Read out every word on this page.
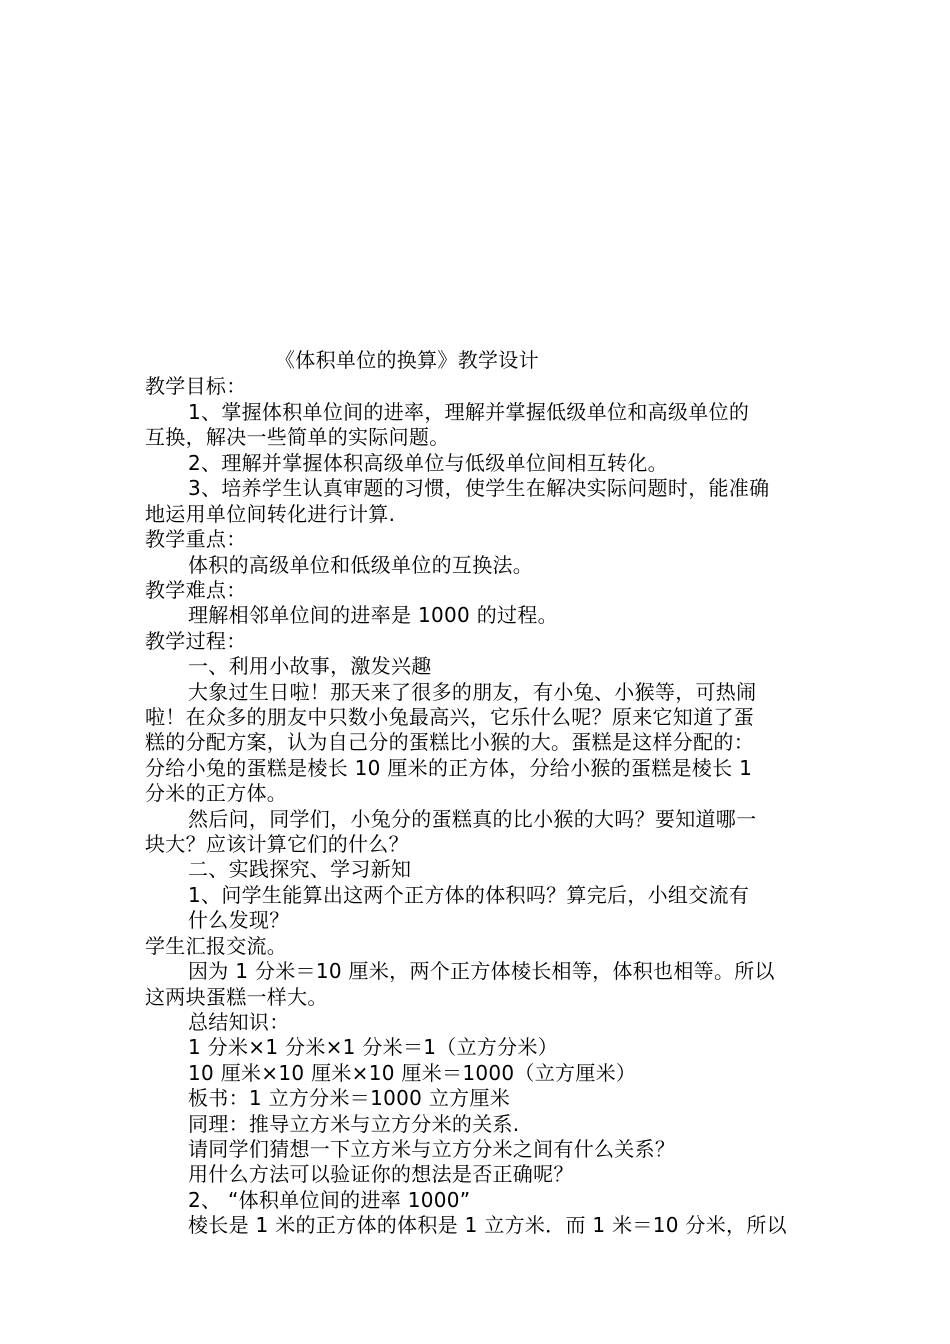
《体积单位的换算》教学设计
教学目标：
1、掌握体积单位间的进率，理解并掌握低级单位和高级单位的
互换，解决一些简单的实际问题。
2、理解并掌握体积高级单位与低级单位间相互转化。
3、培养学生认真审题的习惯，使学生在解决实际问题时，能准确
地运用单位间转化进行计算.
教学重点：
体积的高级单位和低级单位的互换法。
教学难点：
理解相邻单位间的进率是 1000 的过程。
教学过程：
一、利用小故事，激发兴趣
大象过生日啦！那天来了很多的朋友，有小兔、小猴等，可热闹
啦！在众多的朋友中只数小兔最高兴，它乐什么呢？原来它知道了蛋
糕的分配方案，认为自己分的蛋糕比小猴的大。蛋糕是这样分配的：
分给小兔的蛋糕是棱长 10 厘米的正方体，分给小猴的蛋糕是棱长 1
分米的正方体。
然后问，同学们，小兔分的蛋糕真的比小猴的大吗？要知道哪一
块大？应该计算它们的什么？
二、实践探究、学习新知
1、问学生能算出这两个正方体的体积吗？算完后，小组交流有
什么发现？
学生汇报交流。
因为 1 分米＝10 厘米，两个正方体棱长相等，体积也相等。所以
这两块蛋糕一样大。
总结知识：
1 分米×1 分米×1 分米＝1（立方分米）
10 厘米×10 厘米×10 厘米＝1000（立方厘米）
板书：1 立方分米＝1000 立方厘米
同理：推导立方米与立方分米的关系.
请同学们猜想一下立方米与立方分米之间有什么关系？
用什么方法可以验证你的想法是否正确呢？
2、 “体积单位间的进率 1000”
棱长是 1 米的正方体的体积是 1 立方米．而 1 米＝10 分米，所以
